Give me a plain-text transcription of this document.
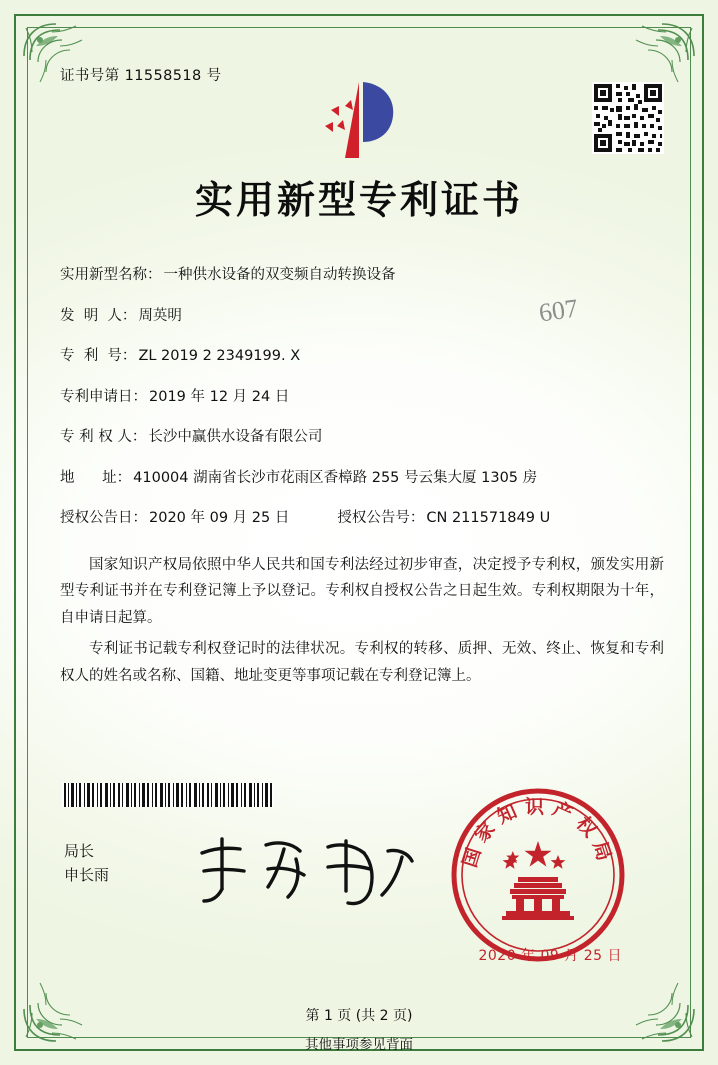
证书号第 11558518 号
实用新型专利证书
607
实用新型名称： 一种供水设备的双变频自动转换设备
发  明  人： 周英明
专  利  号： ZL 2019 2 2349199. X
专利申请日： 2019 年 12 月 24 日
专 利 权 人： 长沙中赢供水设备有限公司
地      址： 410004 湖南省长沙市花雨区香樟路 255 号云集大厦 1305 房
授权公告日： 2020 年 09 月 25 日	授权公告号： CN 211571849 U

国家知识产权局依照中华人民共和国专利法经过初步审查，决定授予专利权，颁发实用新型专利证书并在专利登记簿上予以登记。专利权自授权公告之日起生效。专利权期限为十年，自申请日起算。

专利证书记载专利权登记时的法律状况。专利权的转移、质押、无效、终止、恢复和专利权人的姓名或名称、国籍、地址变更等事项记载在专利登记簿上。

局长
申长雨
国家知识产权局
2020 年 09 月 25 日
第 1 页 (共 2 页)
其他事项参见背面
